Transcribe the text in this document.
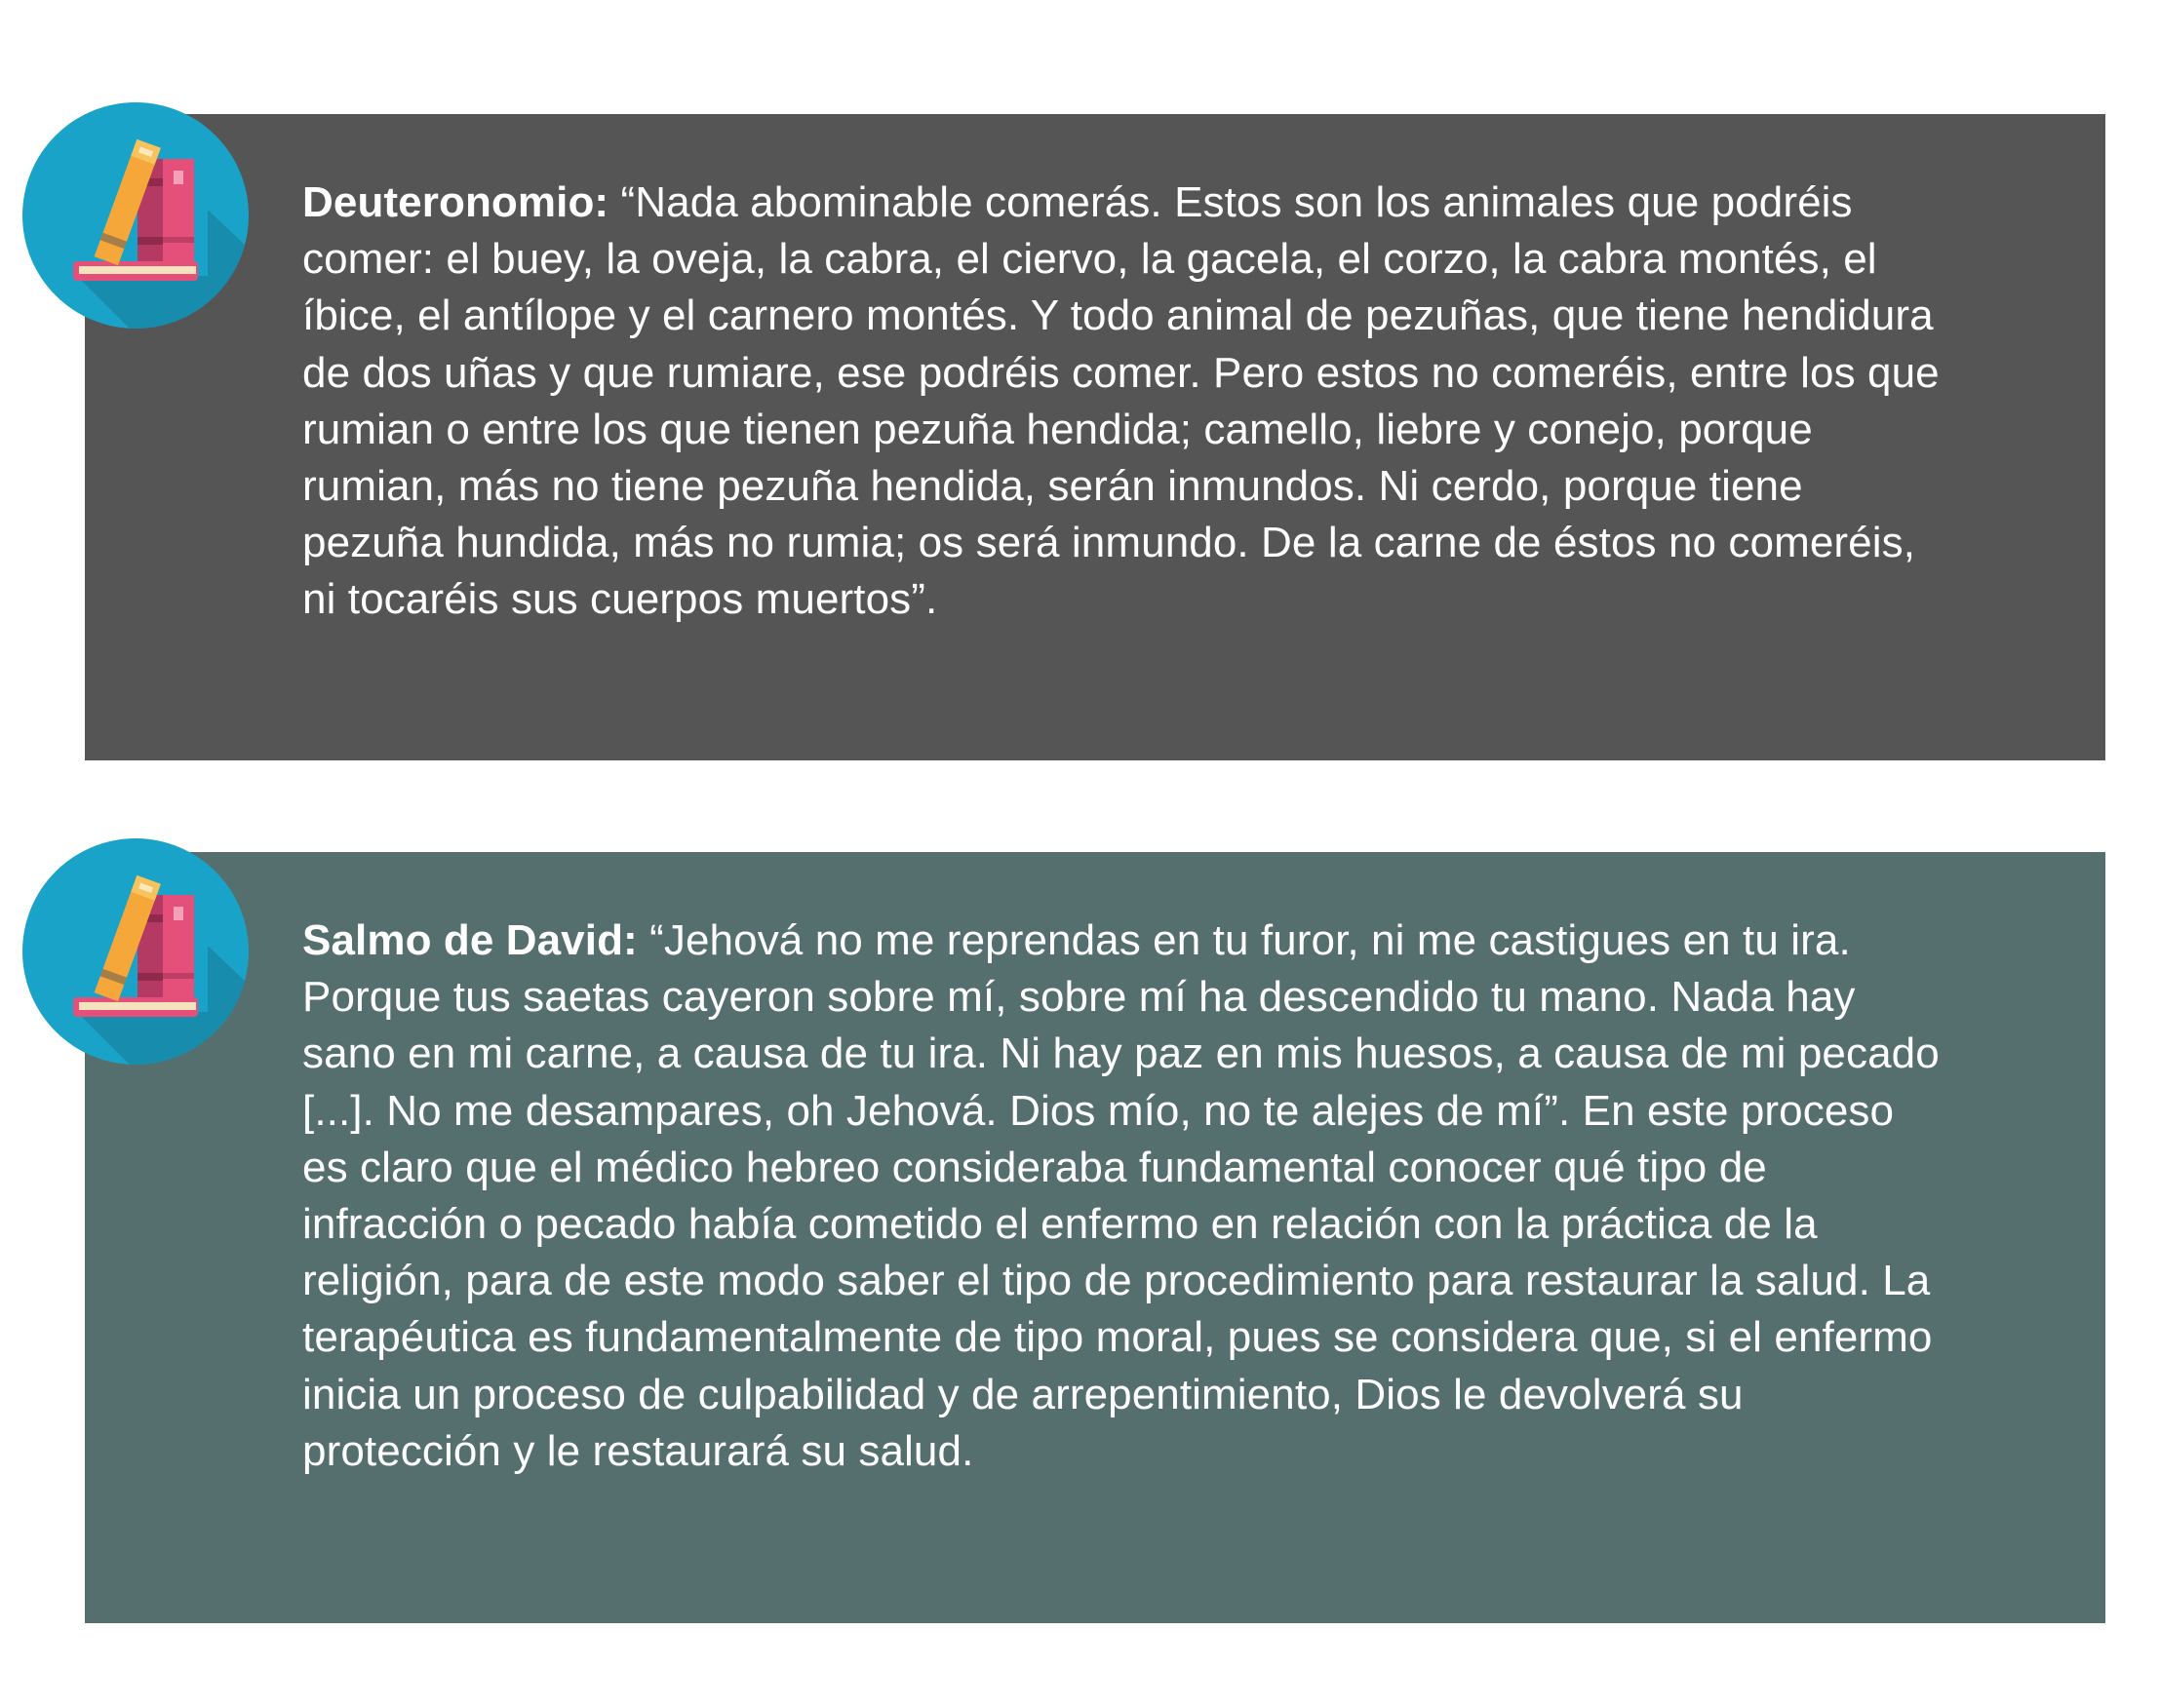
Deuteronomio: “Nada abominable comerás. Estos son los animales que podréis comer: el buey, la oveja, la cabra, el ciervo, la gacela, el corzo, la cabra montés, el íbice, el antílope y el carnero montés. Y todo animal de pezuñas, que tiene hendidura de dos uñas y que rumiare, ese podréis comer. Pero estos no comeréis, entre los que rumian o entre los que tienen pezuña hendida; camello, liebre y conejo, porque rumian, más no tiene pezuña hendida, serán inmundos. Ni cerdo, porque tiene pezuña hundida, más no rumia; os será inmundo. De la carne de éstos no comeréis, ni tocaréis sus cuerpos muertos”.

Salmo de David: “Jehová no me reprendas en tu furor, ni me castigues en tu ira. Porque tus saetas cayeron sobre mí, sobre mí ha descendido tu mano. Nada hay sano en mi carne, a causa de tu ira. Ni hay paz en mis huesos, a causa de mi pecado [...]. No me desampares, oh Jehová. Dios mío, no te alejes de mí”. En este proceso es claro que el médico hebreo consideraba fundamental conocer qué tipo de infracción o pecado había cometido el enfermo en relación con la práctica de la religión, para de este modo saber el tipo de procedimiento para restaurar la salud. La terapéutica es fundamentalmente de tipo moral, pues se considera que, si el enfermo inicia un proceso de culpabilidad y de arrepentimiento, Dios le devolverá su protección y le restaurará su salud.
